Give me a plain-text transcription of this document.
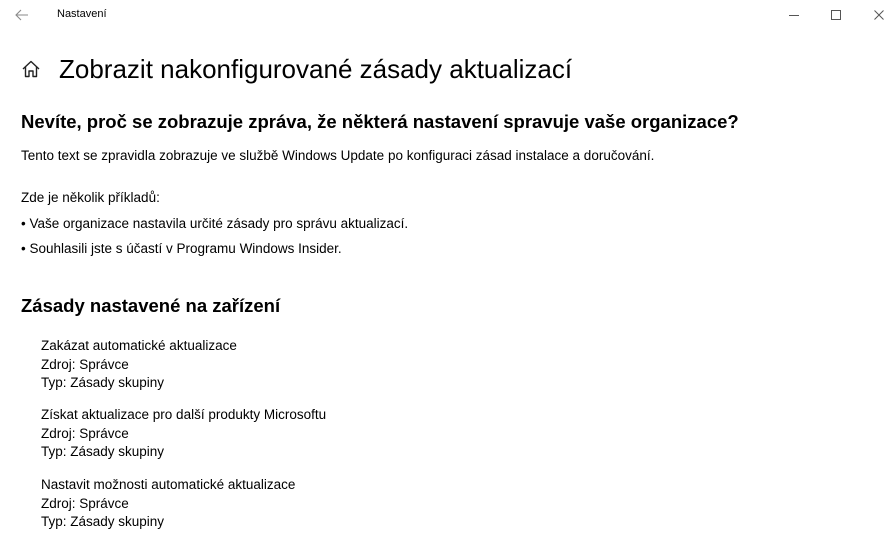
Nastavení
Zobrazit nakonfigurované zásady aktualizací
Nevíte, proč se zobrazuje zpráva, že některá nastavení spravuje vaše organizace?

Tento text se zpravidla zobrazuje ve službě Windows Update po konfiguraci zásad instalace a doručování.

Zde je několik příkladů:

• Vaše organizace nastavila určité zásady pro správu aktualizací.

• Souhlasili jste s účastí v Programu Windows Insider.

Zásady nastavené na zařízení
Zakázat automatické aktualizace
Zdroj: Správce
Typ: Zásady skupiny
Získat aktualizace pro další produkty Microsoftu
Zdroj: Správce
Typ: Zásady skupiny
Nastavit možnosti automatické aktualizace
Zdroj: Správce
Typ: Zásady skupiny
